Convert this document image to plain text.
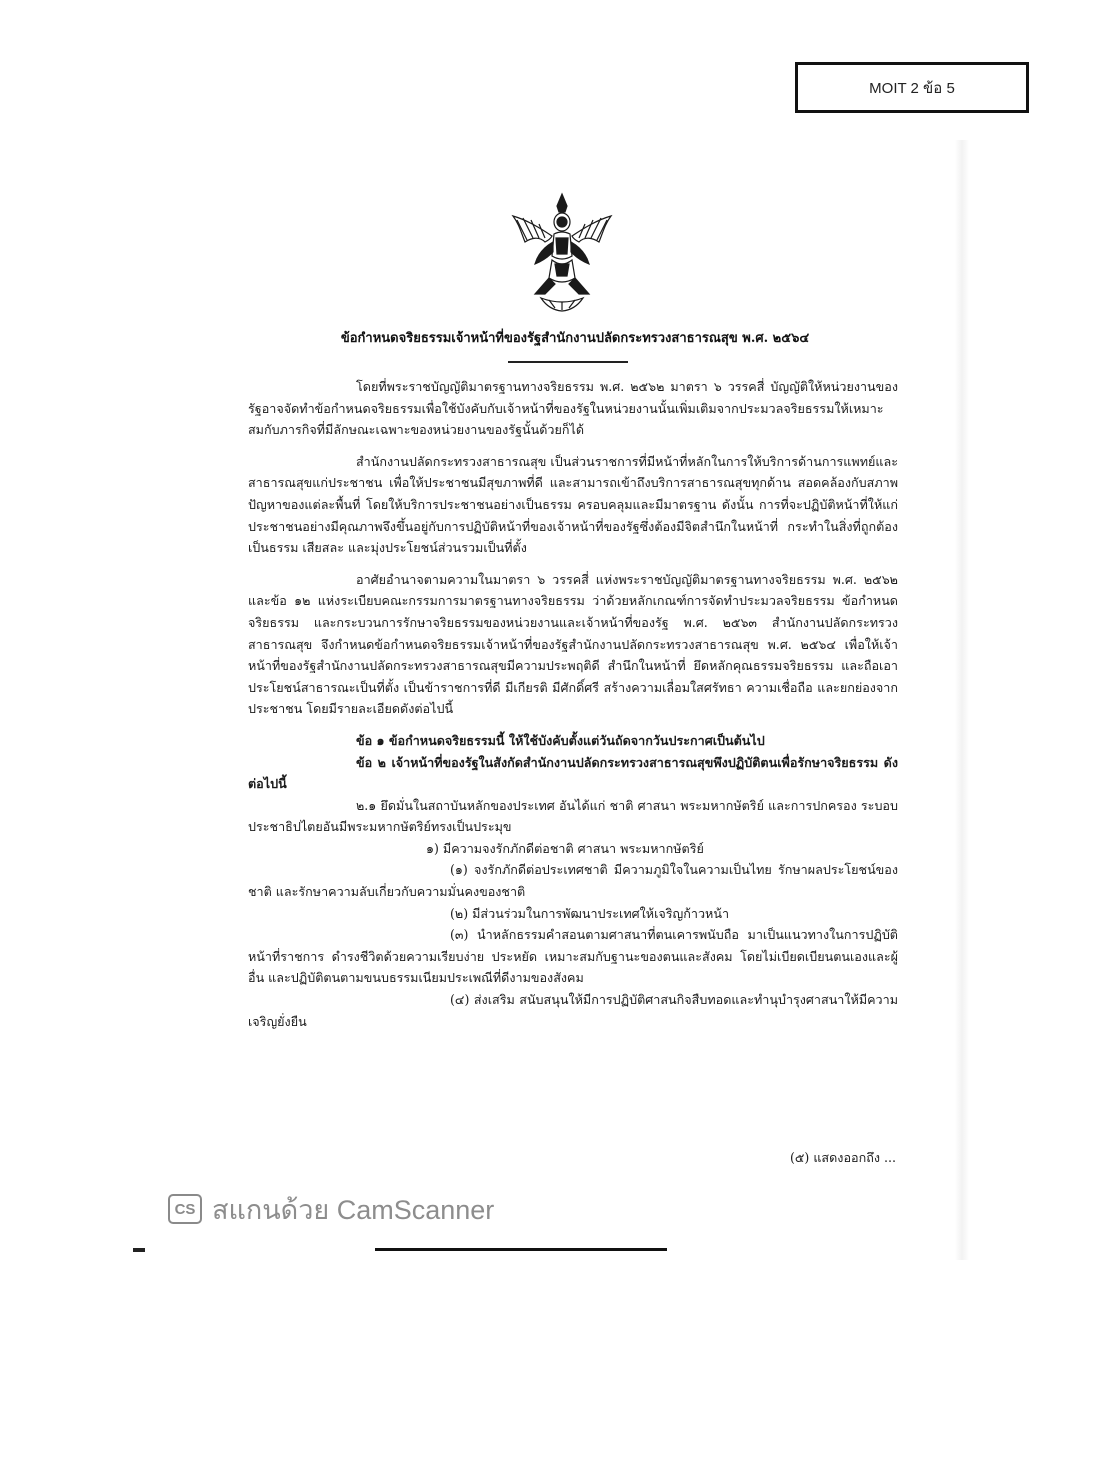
MOIT 2 ข้อ 5
ข้อกำหนดจริยธรรมเจ้าหน้าที่ของรัฐสำนักงานปลัดกระทรวงสาธารณสุข พ.ศ. ๒๕๖๔

โดยที่พระราชบัญญัติมาตรฐานทางจริยธรรม พ.ศ. ๒๕๖๒ มาตรา ๖ วรรคสี่ บัญญัติให้หน่วยงานของรัฐอาจจัดทำข้อกำหนดจริยธรรมเพื่อใช้บังคับกับเจ้าหน้าที่ของรัฐในหน่วยงานนั้นเพิ่มเติมจากประมวลจริยธรรมให้เหมาะสมกับภารกิจที่มีลักษณะเฉพาะของหน่วยงานของรัฐนั้นด้วยก็ได้

สำนักงานปลัดกระทรวงสาธารณสุข เป็นส่วนราชการที่มีหน้าที่หลักในการให้บริการด้านการแพทย์และสาธารณสุขแก่ประชาชน เพื่อให้ประชาชนมีสุขภาพที่ดี และสามารถเข้าถึงบริการสาธารณสุขทุกด้าน สอดคล้องกับสภาพปัญหาของแต่ละพื้นที่ โดยให้บริการประชาชนอย่างเป็นธรรม ครอบคลุมและมีมาตรฐาน ดังนั้น การที่จะปฏิบัติหน้าที่ให้แก่ประชาชนอย่างมีคุณภาพจึงขึ้นอยู่กับการปฏิบัติหน้าที่ของเจ้าหน้าที่ของรัฐซึ่งต้องมีจิตสำนึกในหน้าที่ กระทำในสิ่งที่ถูกต้อง เป็นธรรม เสียสละ และมุ่งประโยชน์ส่วนรวมเป็นที่ตั้ง

อาศัยอำนาจตามความในมาตรา ๖ วรรคสี่ แห่งพระราชบัญญัติมาตรฐานทางจริยธรรม พ.ศ. ๒๕๖๒ และข้อ ๑๒ แห่งระเบียบคณะกรรมการมาตรฐานทางจริยธรรม ว่าด้วยหลักเกณฑ์การจัดทำประมวลจริยธรรม ข้อกำหนดจริยธรรม และกระบวนการรักษาจริยธรรมของหน่วยงานและเจ้าหน้าที่ของรัฐ พ.ศ. ๒๕๖๓ สำนักงานปลัดกระทรวงสาธารณสุข จึงกำหนดข้อกำหนดจริยธรรมเจ้าหน้าที่ของรัฐสำนักงานปลัดกระทรวงสาธารณสุข พ.ศ. ๒๕๖๔ เพื่อให้เจ้าหน้าที่ของรัฐสำนักงานปลัดกระทรวงสาธารณสุขมีความประพฤติดี สำนึกในหน้าที่ ยึดหลักคุณธรรมจริยธรรม และถือเอาประโยชน์สาธารณะเป็นที่ตั้ง เป็นข้าราชการที่ดี มีเกียรติ มีศักดิ์ศรี สร้างความเลื่อมใสศรัทธา ความเชื่อถือ และยกย่องจากประชาชน โดยมีรายละเอียดดังต่อไปนี้

ข้อ ๑ ข้อกำหนดจริยธรรมนี้ ให้ใช้บังคับตั้งแต่วันถัดจากวันประกาศเป็นต้นไป

ข้อ ๒ เจ้าหน้าที่ของรัฐในสังกัดสำนักงานปลัดกระทรวงสาธารณสุขพึงปฏิบัติตนเพื่อรักษาจริยธรรม ดังต่อไปนี้

๒.๑ ยึดมั่นในสถาบันหลักของประเทศ อันได้แก่ ชาติ ศาสนา พระมหากษัตริย์ และการปกครอง ระบอบประชาธิปไตยอันมีพระมหากษัตริย์ทรงเป็นประมุข

๑) มีความจงรักภักดีต่อชาติ ศาสนา พระมหากษัตริย์

(๑) จงรักภักดีต่อประเทศชาติ มีความภูมิใจในความเป็นไทย รักษาผลประโยชน์ของชาติ และรักษาความลับเกี่ยวกับความมั่นคงของชาติ

(๒) มีส่วนร่วมในการพัฒนาประเทศให้เจริญก้าวหน้า

(๓) นำหลักธรรมคำสอนตามศาสนาที่ตนเคารพนับถือ มาเป็นแนวทางในการปฏิบัติหน้าที่ราชการ ดำรงชีวิตด้วยความเรียบง่าย ประหยัด เหมาะสมกับฐานะของตนและสังคม โดยไม่เบียดเบียนตนเองและผู้อื่น และปฏิบัติตนตามขนบธรรมเนียมประเพณีที่ดีงามของสังคม

(๔) ส่งเสริม สนับสนุนให้มีการปฏิบัติศาสนกิจสืบทอดและทำนุบำรุงศาสนาให้มีความเจริญยั่งยืน

(๕) แสดงออกถึง ...
CS สแกนด้วย CamScanner
